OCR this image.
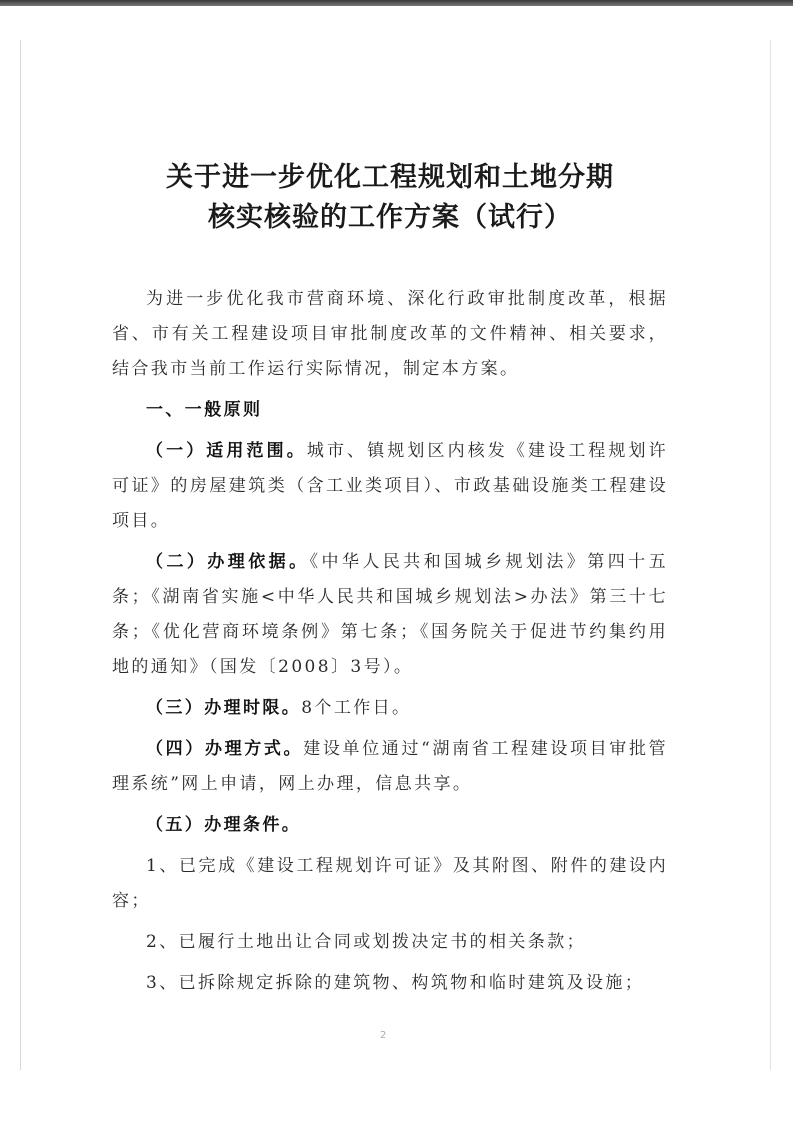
关于进一步优化工程规划和土地分期

核实核验的工作方案（试行）

为进一步优化我市营商环境、深化行政审批制度改革，根据省、市有关工程建设项目审批制度改革的文件精神、相关要求，结合我市当前工作运行实际情况，制定本方案。

一、一般原则

（一）适用范围。城市、镇规划区内核发《建设工程规划许可证》的房屋建筑类（含工业类项目）、市政基础设施类工程建设项目。

（二）办理依据。《中华人民共和国城乡规划法》第四十五条；《湖南省实施<中华人民共和国城乡规划法>办法》第三十七条；《优化营商环境条例》第七条；《国务院关于促进节约集约用地的通知》（国发〔2008〕3号）。

（三）办理时限。8个工作日。

（四）办理方式。建设单位通过“湖南省工程建设项目审批管理系统”网上申请，网上办理，信息共享。

（五）办理条件。

1、已完成《建设工程规划许可证》及其附图、附件的建设内容；

2、已履行土地出让合同或划拨决定书的相关条款；

3、已拆除规定拆除的建筑物、构筑物和临时建筑及设施；

2
